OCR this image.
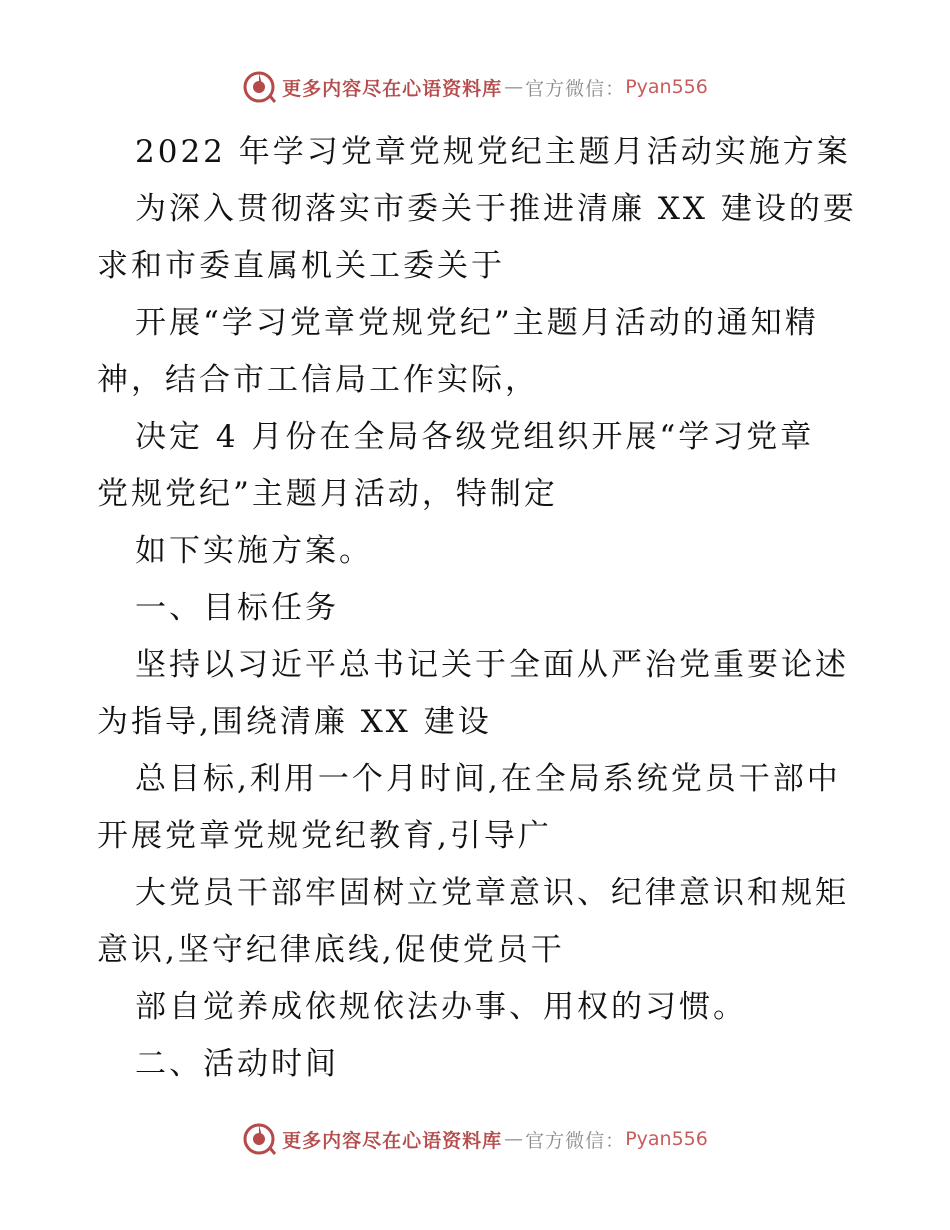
更多内容尽在心语资料库 — 官方微信： Pyan556
2022 年学习党章党规党纪主题月活动实施方案
为深入贯彻落实市委关于推进清廉 XX 建设的要
求和市委直属机关工委关于
开展“学习党章党规党纪”主题月活动的通知精
神，结合市工信局工作实际，
决定 4 月份在全局各级党组织开展“学习党章
党规党纪”主题月活动，特制定
如下实施方案。
一、目标任务
坚持以习近平总书记关于全面从严治党重要论述
为指导,围绕清廉 XX 建设
总目标,利用一个月时间,在全局系统党员干部中
开展党章党规党纪教育,引导广
大党员干部牢固树立党章意识、纪律意识和规矩
意识,坚守纪律底线,促使党员干
部自觉养成依规依法办事、用权的习惯。
二、活动时间
更多内容尽在心语资料库 — 官方微信： Pyan556
